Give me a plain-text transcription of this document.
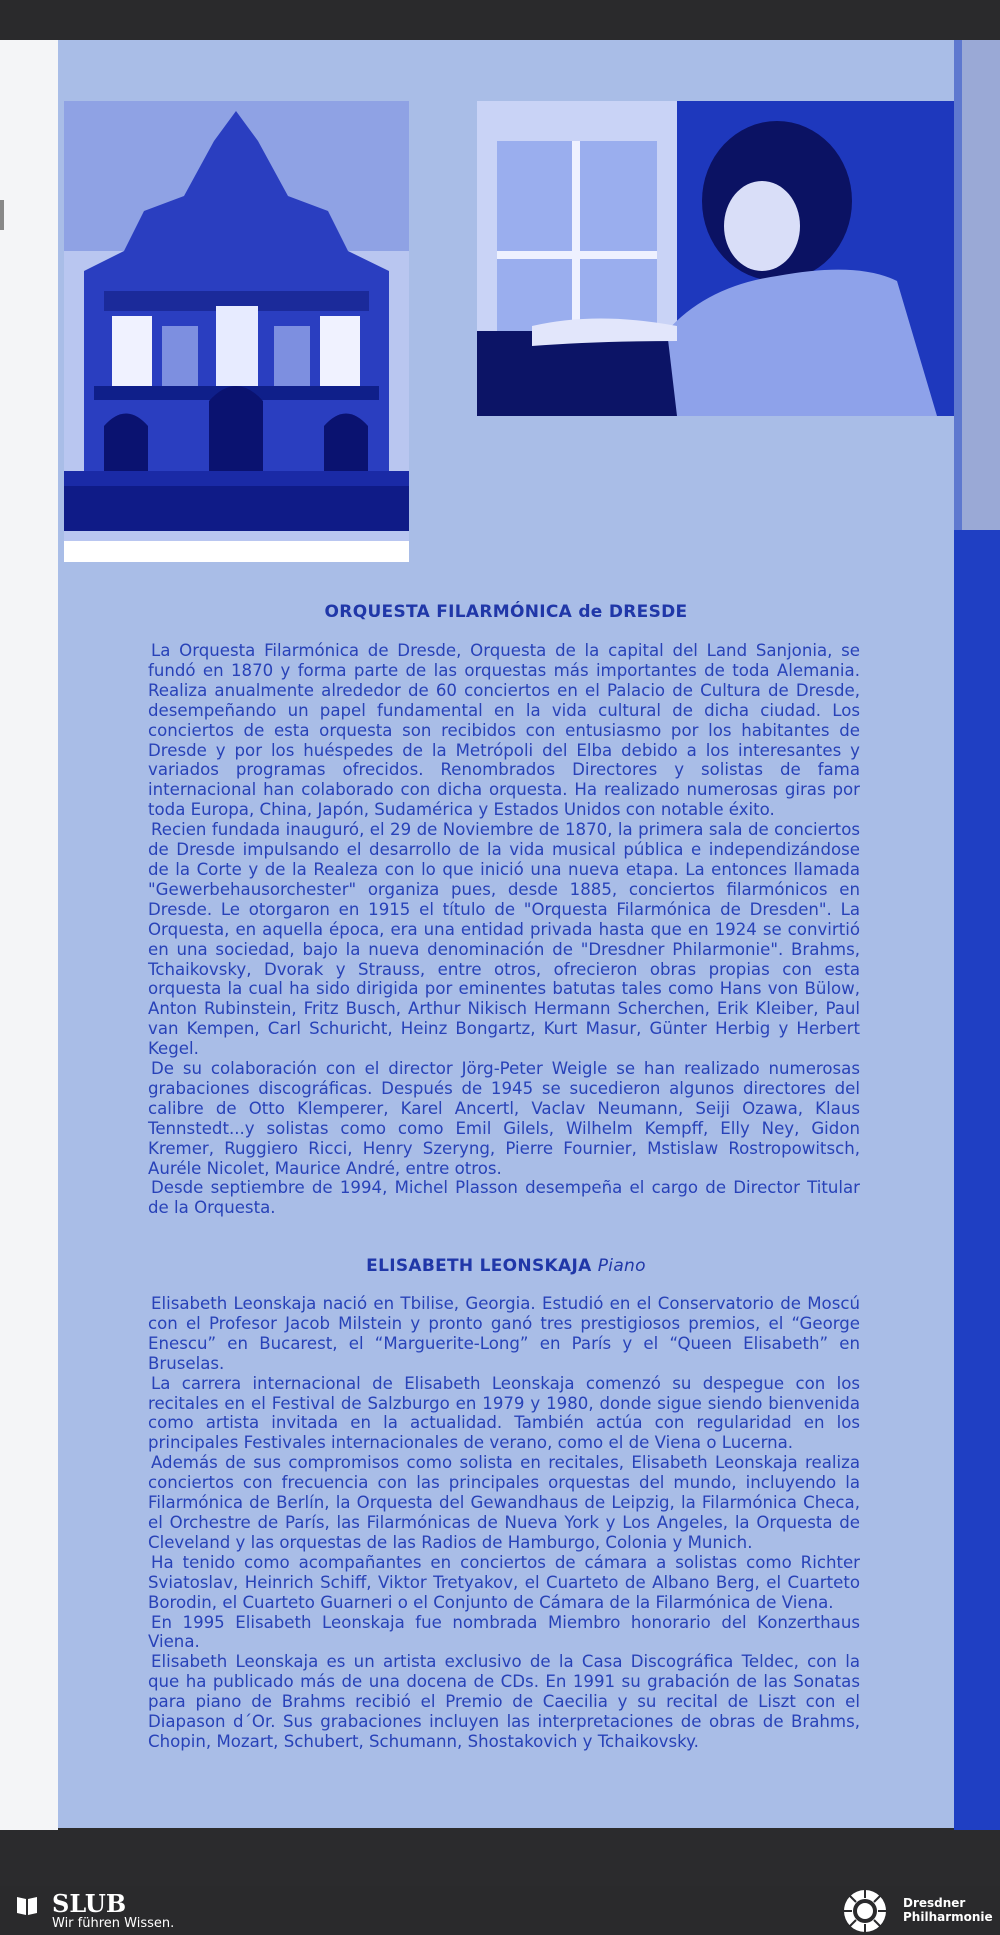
ORQUESTA FILARMÓNICA de DRESDE

La Orquesta Filarmónica de Dresde, Orquesta de la capital del Land Sanjonia, se fundó en 1870 y forma parte de las orquestas más importantes de toda Alemania. Realiza anualmente alrededor de 60 conciertos en el Palacio de Cultura de Dresde, desempeñando un papel fundamental en la vida cultural de dicha ciudad. Los conciertos de esta orquesta son recibidos con entusiasmo por los habitantes de Dresde y por los huéspedes de la Metrópoli del Elba debido a los interesantes y variados programas ofrecidos. Renombrados Directores y solistas de fama internacional han colaborado con dicha orquesta. Ha realizado numerosas giras por toda Europa, China, Japón, Sudamérica y Estados Unidos con notable éxito.

Recien fundada inauguró, el 29 de Noviembre de 1870, la primera sala de conciertos de Dresde impulsando el desarrollo de la vida musical pública e independizándose de la Corte y de la Realeza con lo que inició una nueva etapa. La entonces llamada "Gewerbehausorchester" organiza pues, desde 1885, conciertos filarmónicos en Dresde. Le otorgaron en 1915 el título de "Orquesta Filarmónica de Dresden". La Orquesta, en aquella época, era una entidad privada hasta que en 1924 se convirtió en una sociedad, bajo la nueva denominación de "Dresdner Philarmonie". Brahms, Tchaikovsky, Dvorak y Strauss, entre otros, ofrecieron obras propias con esta orquesta la cual ha sido dirigida por eminentes batutas tales como Hans von Bülow, Anton Rubinstein, Fritz Busch, Arthur Nikisch Hermann Scherchen, Erik Kleiber, Paul van Kempen, Carl Schuricht, Heinz Bongartz, Kurt Masur, Günter Herbig y Herbert Kegel.

De su colaboración con el director Jörg-Peter Weigle se han realizado numerosas grabaciones discográficas. Después de 1945 se sucedieron algunos directores del calibre de Otto Klemperer, Karel Ancertl, Vaclav Neumann, Seiji Ozawa, Klaus Tennstedt...y solistas como como Emil Gilels, Wilhelm Kempff, Elly Ney, Gidon Kremer, Ruggiero Ricci, Henry Szeryng, Pierre Fournier, Mstislaw Rostropowitsch, Auréle Nicolet, Maurice André, entre otros.

Desde septiembre de 1994, Michel Plasson desempeña el cargo de Director Titular de la Orquesta.

ELISABETH LEONSKAJA Piano

Elisabeth Leonskaja nació en Tbilise, Georgia. Estudió en el Conservatorio de Moscú con el Profesor Jacob Milstein y pronto ganó tres prestigiosos premios, el “George Enescu” en Bucarest, el “Marguerite-Long” en París y el “Queen Elisabeth” en Bruselas.

La carrera internacional de Elisabeth Leonskaja comenzó su despegue con los recitales en el Festival de Salzburgo en 1979 y 1980, donde sigue siendo bienvenida como artista invitada en la actualidad. También actúa con regularidad en los principales Festivales internacionales de verano, como el de Viena o Lucerna.

Además de sus compromisos como solista en recitales, Elisabeth Leonskaja realiza conciertos con frecuencia con las principales orquestas del mundo, incluyendo la Filarmónica de Berlín, la Orquesta del Gewandhaus de Leipzig, la Filarmónica Checa, el Orchestre de París, las Filarmónicas de Nueva York y Los Angeles, la Orquesta de Cleveland y las orquestas de las Radios de Hamburgo, Colonia y Munich.

Ha tenido como acompañantes en conciertos de cámara a solistas como Richter Sviatoslav, Heinrich Schiff, Viktor Tretyakov, el Cuarteto de Albano Berg, el Cuarteto Borodin, el Cuarteto Guarneri o el Conjunto de Cámara de la Filarmónica de Viena.

En 1995 Elisabeth Leonskaja fue nombrada Miembro honorario del Konzerthaus Viena.

Elisabeth Leonskaja es un artista exclusivo de la Casa Discográfica Teldec, con la que ha publicado más de una docena de CDs. En 1991 su grabación de las Sonatas para piano de Brahms recibió el Premio de Caecilia y su recital de Liszt con el Diapason d´Or. Sus grabaciones incluyen las interpretaciones de obras de Brahms, Chopin, Mozart, Schubert, Schumann, Shostakovich y Tchaikovsky.

SLUB
Wir führen Wissen.
Dresdner
Philharmonie
